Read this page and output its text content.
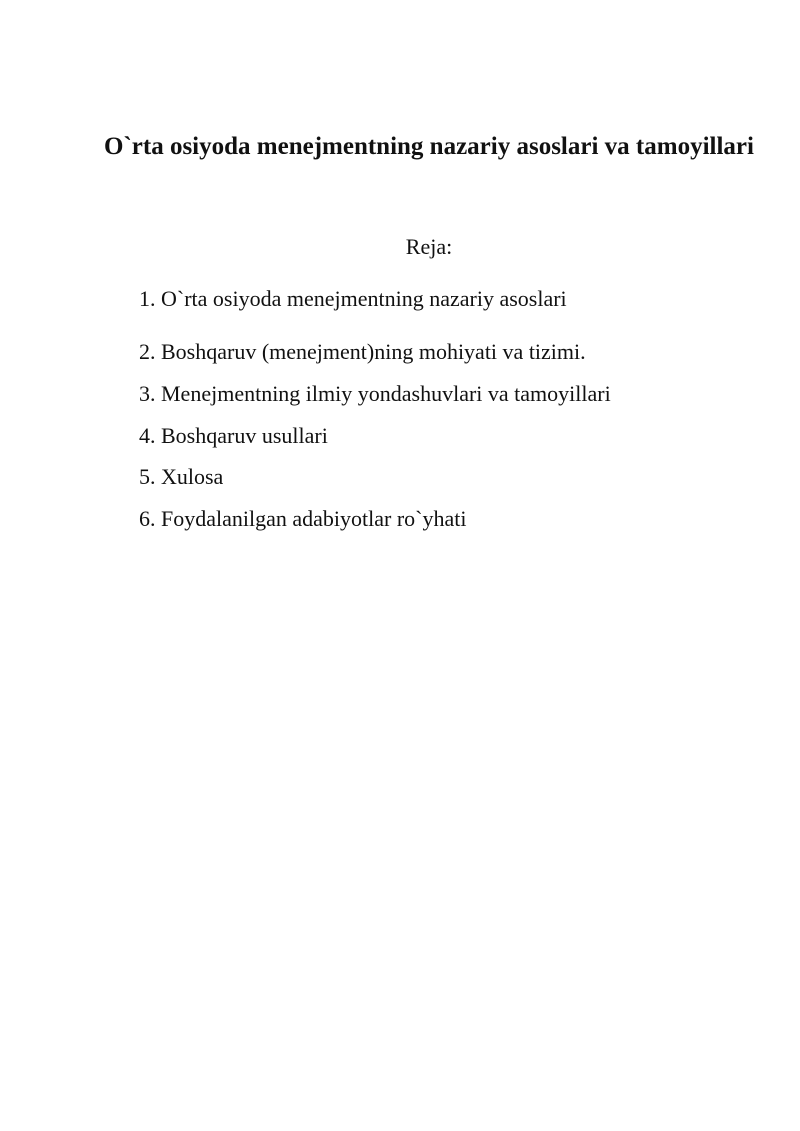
O`rta osiyoda menejmentning nazariy asoslari va tamoyillari

Reja:

1. O`rta osiyoda menejmentning nazariy asoslari
2. Boshqaruv (menejment)ning mohiyati va tizimi.
3. Menejmentning ilmiy yondashuvlari va tamoyillari
4. Boshqaruv usullari
5. Xulosa
6. Foydalanilgan adabiyotlar ro`yhati
